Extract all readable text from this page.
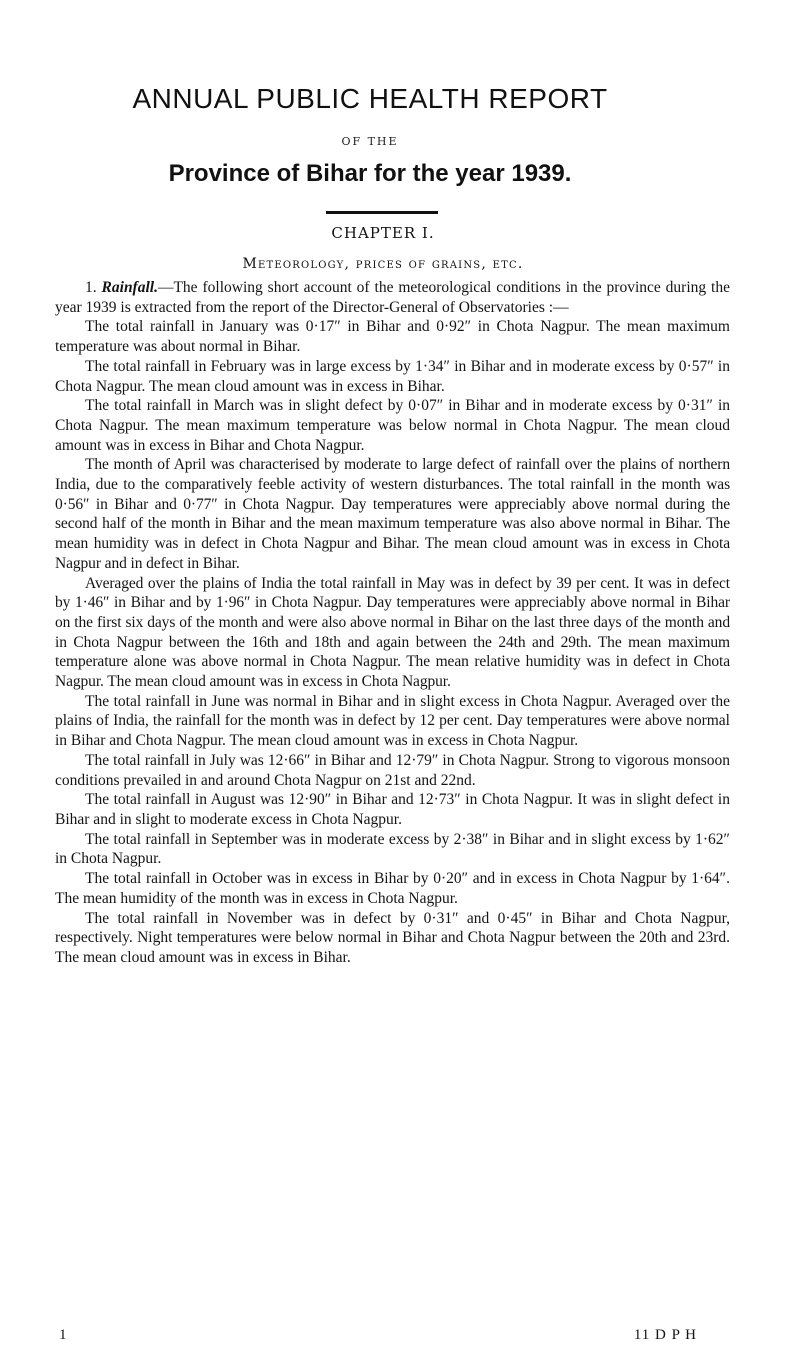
ANNUAL PUBLIC HEALTH REPORT
OF THE
Province of Bihar for the year 1939.
CHAPTER I.
Meteorology, prices of grains, etc.

1. Rainfall.—The following short account of the meteorological conditions in the province during the year 1939 is extracted from the report of the Director-General of Observatories :—

The total rainfall in January was 0·17″ in Bihar and 0·92″ in Chota Nagpur. The mean maximum temperature was about normal in Bihar.

The total rainfall in February was in large excess by 1·34″ in Bihar and in moderate excess by 0·57″ in Chota Nagpur. The mean cloud amount was in excess in Bihar.

The total rainfall in March was in slight defect by 0·07″ in Bihar and in moderate excess by 0·31″ in Chota Nagpur. The mean maximum temperature was below normal in Chota Nagpur. The mean cloud amount was in excess in Bihar and Chota Nagpur.

The month of April was characterised by moderate to large defect of rainfall over the plains of northern India, due to the comparatively feeble activity of western disturbances. The total rainfall in the month was 0·56″ in Bihar and 0·77″ in Chota Nagpur. Day temperatures were appreciably above normal during the second half of the month in Bihar and the mean maximum temperature was also above normal in Bihar. The mean humidity was in defect in Chota Nagpur and Bihar. The mean cloud amount was in excess in Chota Nagpur and in defect in Bihar.

Averaged over the plains of India the total rainfall in May was in defect by 39 per cent. It was in defect by 1·46″ in Bihar and by 1·96″ in Chota Nagpur. Day temperatures were appreciably above normal in Bihar on the first six days of the month and were also above normal in Bihar on the last three days of the month and in Chota Nagpur between the 16th and 18th and again between the 24th and 29th. The mean maximum temperature alone was above normal in Chota Nagpur. The mean relative humidity was in defect in Chota Nagpur. The mean cloud amount was in excess in Chota Nagpur.

The total rainfall in June was normal in Bihar and in slight excess in Chota Nagpur. Averaged over the plains of India, the rainfall for the month was in defect by 12 per cent. Day temperatures were above normal in Bihar and Chota Nagpur. The mean cloud amount was in excess in Chota Nagpur.

The total rainfall in July was 12·66″ in Bihar and 12·79″ in Chota Nagpur. Strong to vigorous monsoon conditions prevailed in and around Chota Nagpur on 21st and 22nd.

The total rainfall in August was 12·90″ in Bihar and 12·73″ in Chota Nagpur. It was in slight defect in Bihar and in slight to moderate excess in Chota Nagpur.

The total rainfall in September was in moderate excess by 2·38″ in Bihar and in slight excess by 1·62″ in Chota Nagpur.

The total rainfall in October was in excess in Bihar by 0·20″ and in excess in Chota Nagpur by 1·64″. The mean humidity of the month was in excess in Chota Nagpur.

The total rainfall in November was in defect by 0·31″ and 0·45″ in Bihar and Chota Nagpur, respectively. Night temperatures were below normal in Bihar and Chota Nagpur between the 20th and 23rd. The mean cloud amount was in excess in Bihar.

1	11 D P H
